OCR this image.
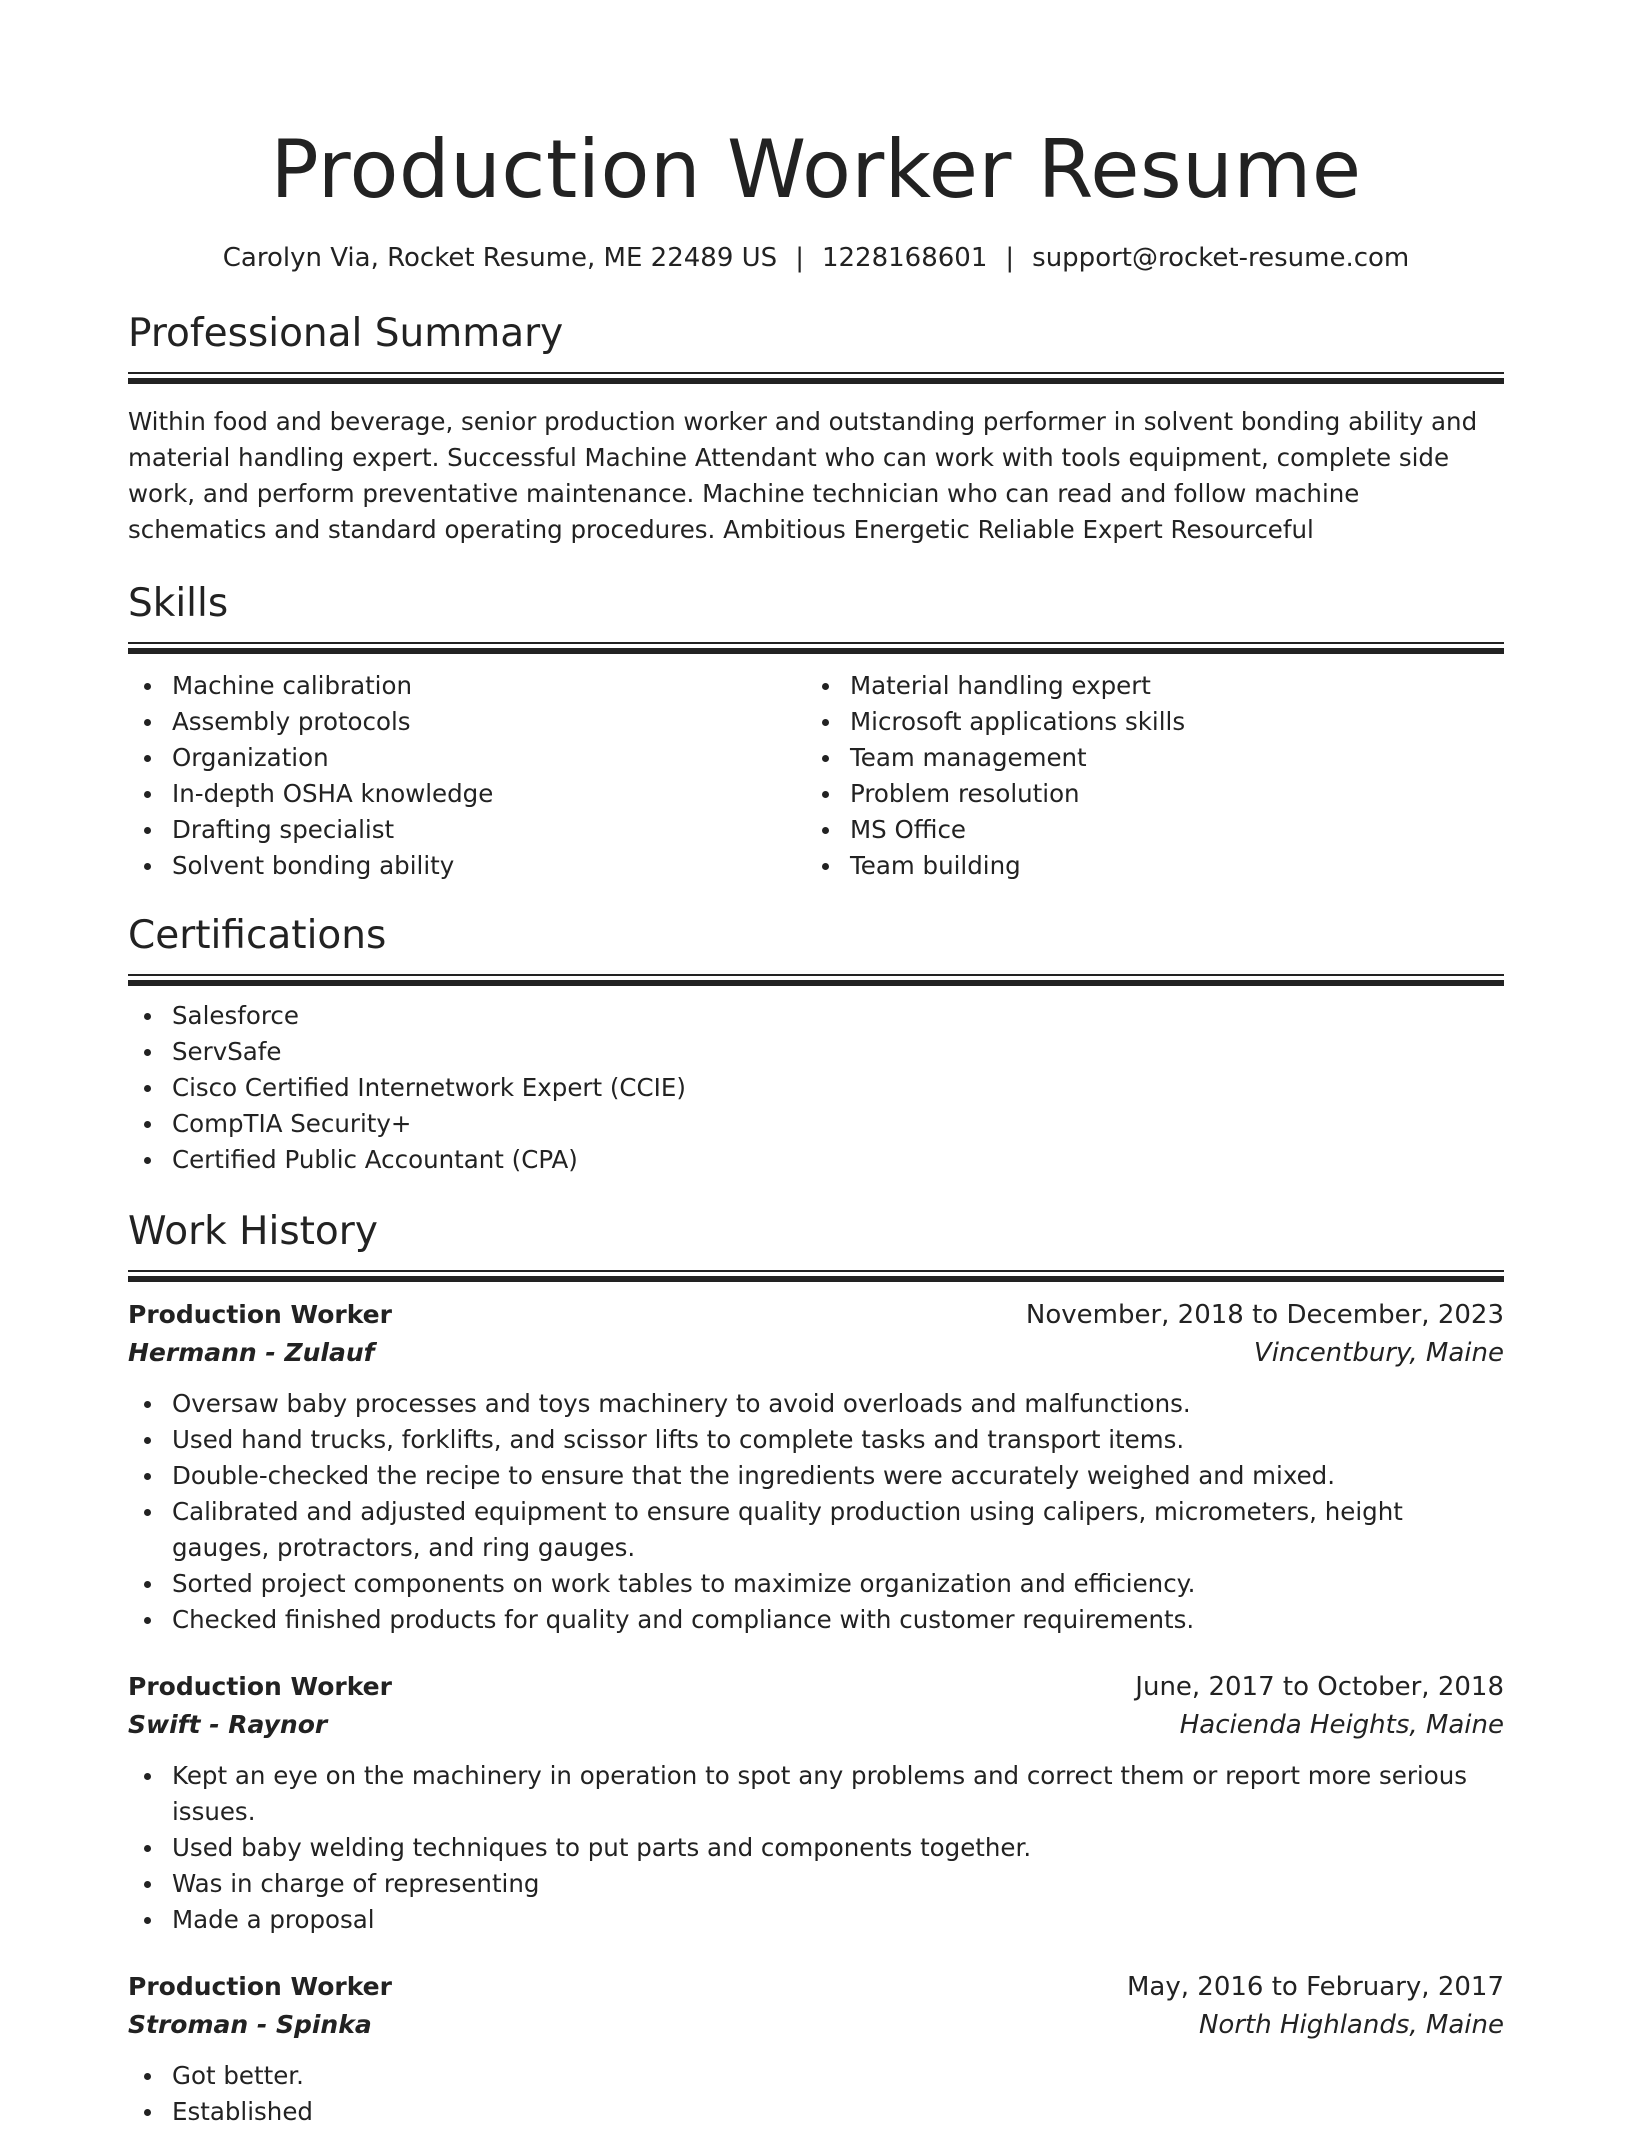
Production Worker Resume
Carolyn Via, Rocket Resume, ME 22489 US | 1228168601 | support@rocket-resume.com
Professional Summary
Within food and beverage, senior production worker and outstanding performer in solvent bonding ability and material handling expert. Successful Machine Attendant who can work with tools equipment, complete side work, and perform preventative maintenance. Machine technician who can read and follow machine schematics and standard operating procedures. Ambitious Energetic Reliable Expert Resourceful
Skills
Machine calibration
Assembly protocols
Organization
In-depth OSHA knowledge
Drafting specialist
Solvent bonding ability
Material handling expert
Microsoft applications skills
Team management
Problem resolution
MS Office
Team building
Certifications
Salesforce
ServSafe
Cisco Certified Internetwork Expert (CCIE)
CompTIA Security+
Certified Public Accountant (CPA)
Work History
Production Worker	November, 2018 to December, 2023
Hermann - Zulauf	Vincentbury, Maine
Oversaw baby processes and toys machinery to avoid overloads and malfunctions.
Used hand trucks, forklifts, and scissor lifts to complete tasks and transport items.
Double-checked the recipe to ensure that the ingredients were accurately weighed and mixed.
Calibrated and adjusted equipment to ensure quality production using calipers, micrometers, height gauges, protractors, and ring gauges.
Sorted project components on work tables to maximize organization and efficiency.
Checked finished products for quality and compliance with customer requirements.
Production Worker	June, 2017 to October, 2018
Swift - Raynor	Hacienda Heights, Maine
Kept an eye on the machinery in operation to spot any problems and correct them or report more serious issues.
Used baby welding techniques to put parts and components together.
Was in charge of representing
Made a proposal
Production Worker	May, 2016 to February, 2017
Stroman - Spinka	North Highlands, Maine
Got better.
Established
